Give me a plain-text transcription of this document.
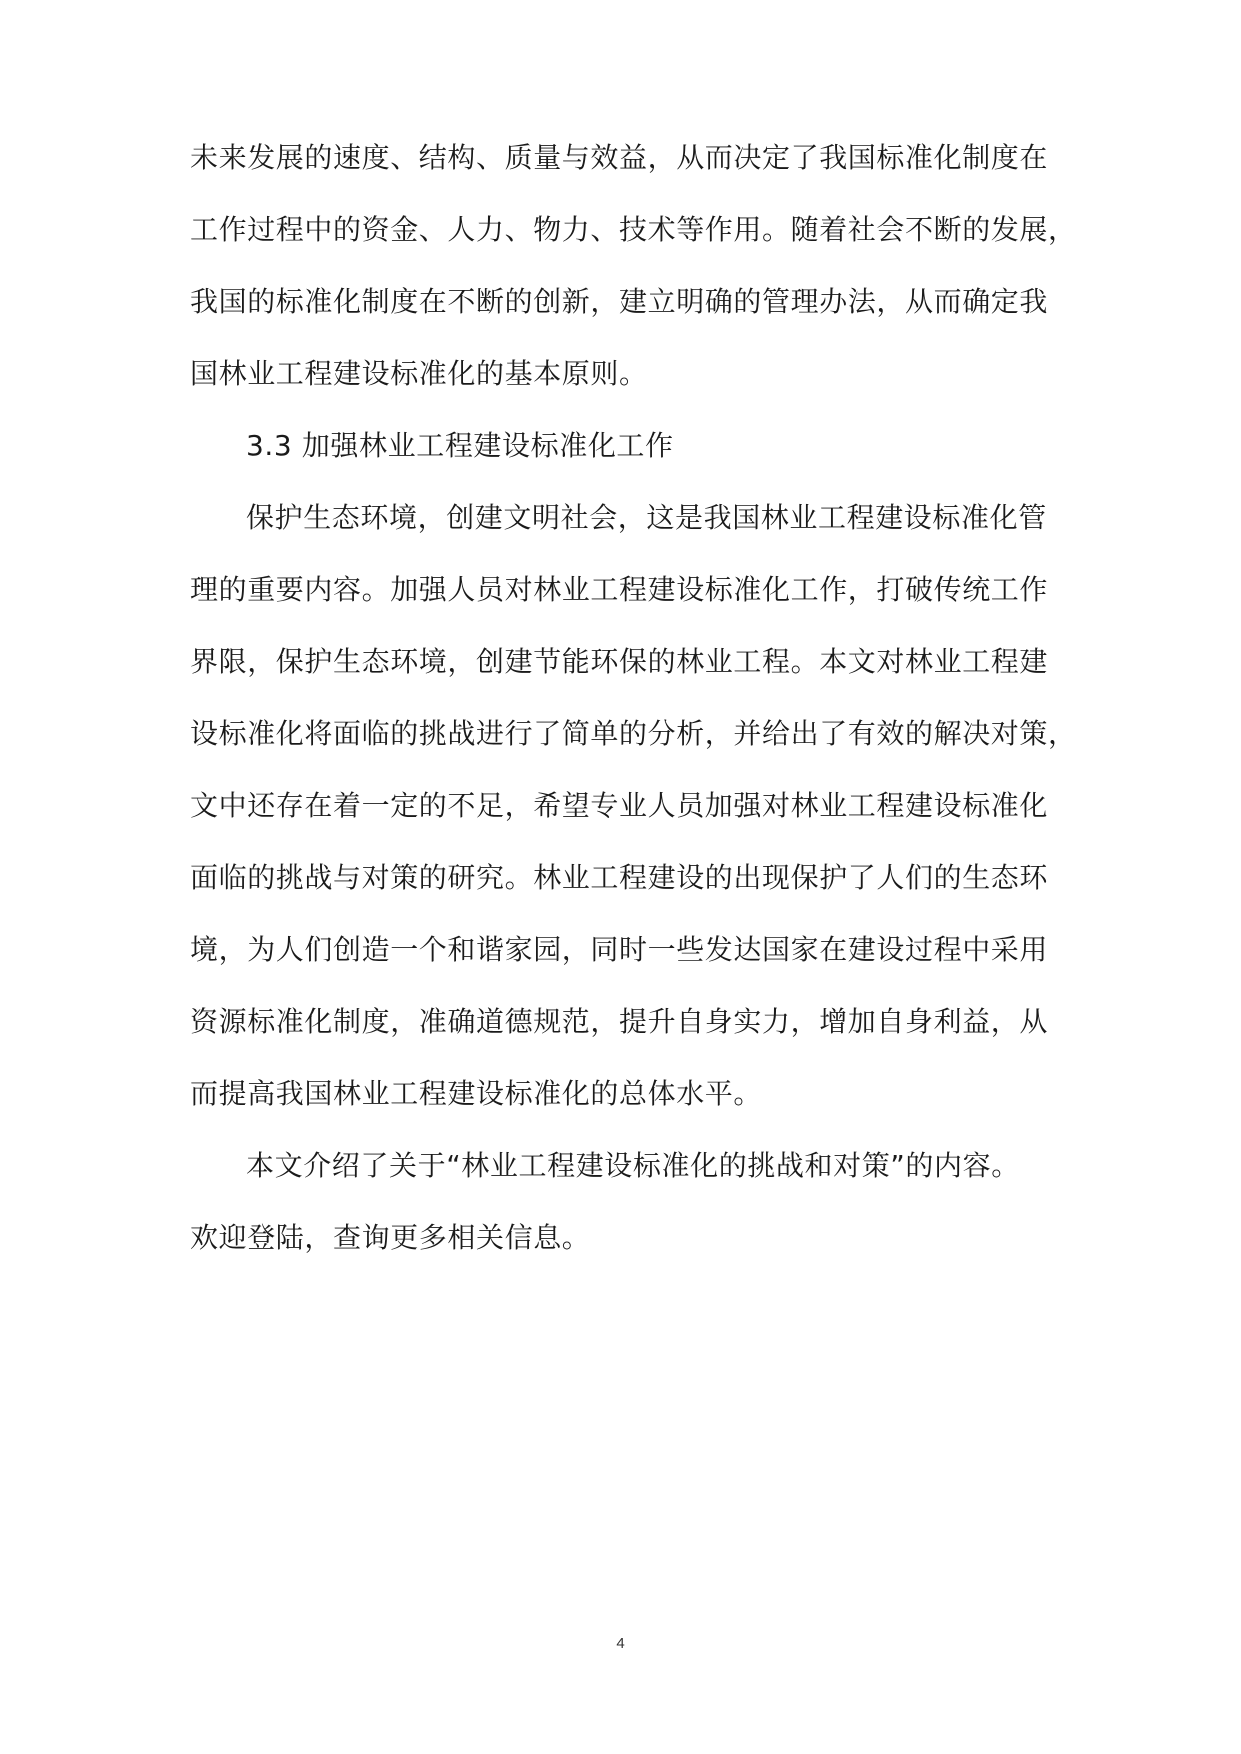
未来发展的速度、结构、质量与效益，从而决定了我国标准化制度在
工作过程中的资金、人力、物力、技术等作用。随着社会不断的发展，
我国的标准化制度在不断的创新，建立明确的管理办法，从而确定我
国林业工程建设标准化的基本原则。
3.3 加强林业工程建设标准化工作
保护生态环境，创建文明社会，这是我国林业工程建设标准化管
理的重要内容。加强人员对林业工程建设标准化工作，打破传统工作
界限，保护生态环境，创建节能环保的林业工程。本文对林业工程建
设标准化将面临的挑战进行了简单的分析，并给出了有效的解决对策，
文中还存在着一定的不足，希望专业人员加强对林业工程建设标准化
面临的挑战与对策的研究。林业工程建设的出现保护了人们的生态环
境，为人们创造一个和谐家园，同时一些发达国家在建设过程中采用
资源标准化制度，准确道德规范，提升自身实力，增加自身利益，从
而提高我国林业工程建设标准化的总体水平。
本文介绍了关于“林业工程建设标准化的挑战和对策”的内容。
欢迎登陆，查询更多相关信息。
4
